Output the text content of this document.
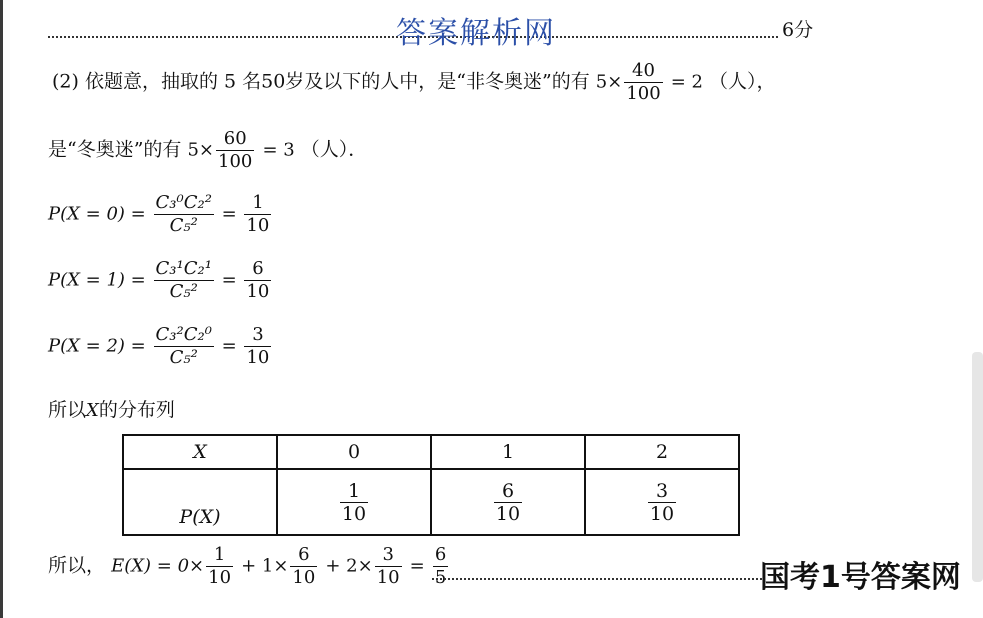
答案解析网	6分
(2) 依题意，抽取的 5 名50岁及以下的人中，是“非冬奥迷”的有 $5\times \frac{40}{100} = 2$ （人），
是“冬奥迷”的有 $5\times \frac{60}{100} = 3$ （人）．
$P(X = 0) = \frac{\text{C₃⁰C₂²}}{\text{C₅²}} = \frac{1}{10}$
$P(X = 1) = \frac{\text{C₃¹C₂¹}}{\text{C₅²}} = \frac{6}{10}$
$P(X = 2) = \frac{\text{C₃²C₂⁰}}{\text{C₅²}} = \frac{3}{10}$
所以X的分布列
X	0	1	2
P(X)	$\frac{1}{10}$	$\frac{6}{10}$	$\frac{3}{10}$
所以， $E(X) = 0\times \frac{1}{10} + 1\times \frac{6}{10} + 2\times \frac{3}{10} = \frac{6}{5}$	国考1号答案网
